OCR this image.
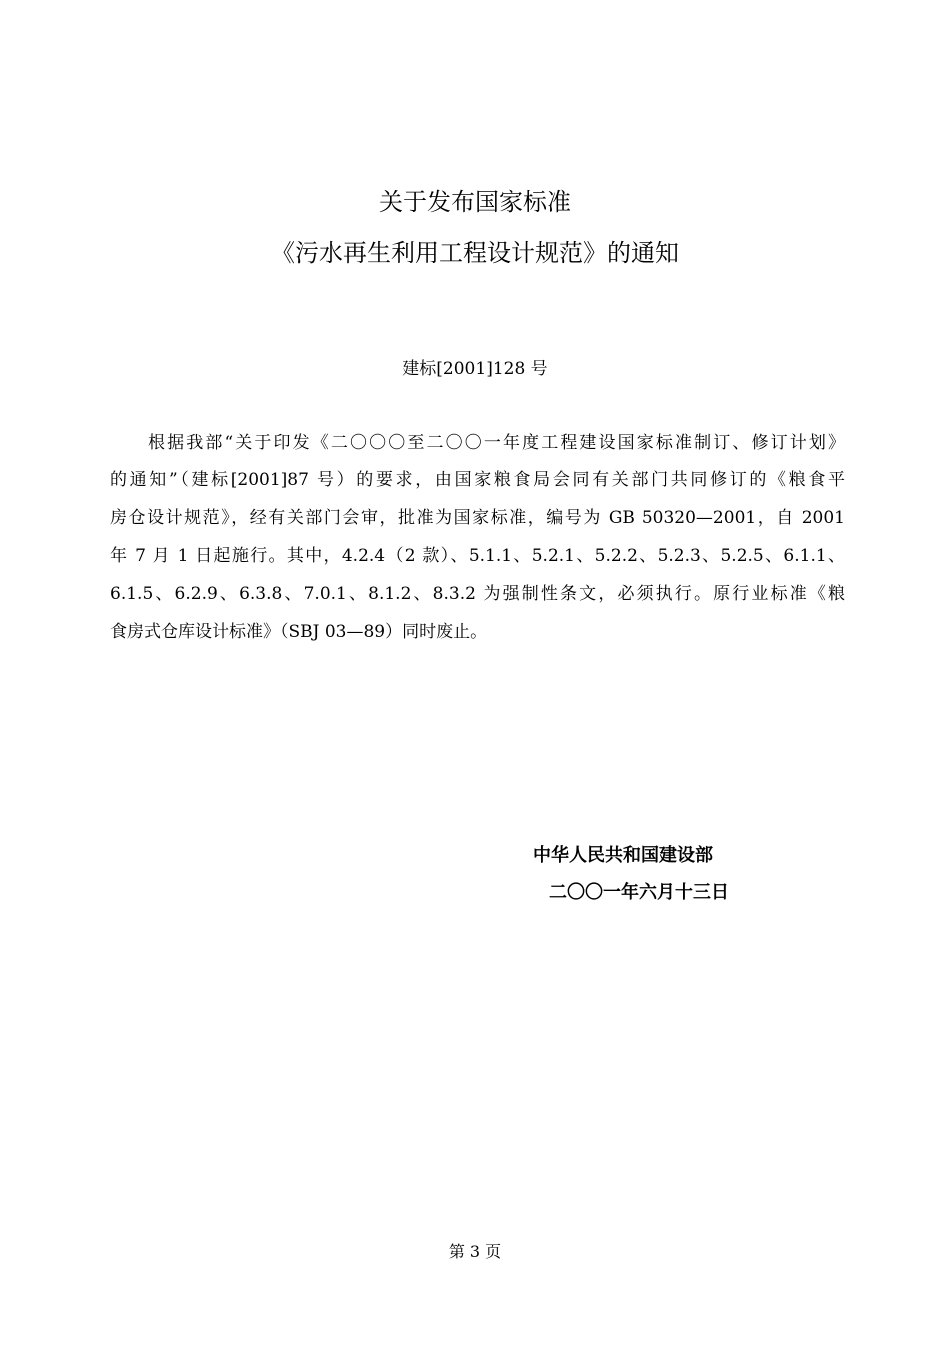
关于发布国家标准
《污水再生利用工程设计规范》的通知
建标[2001]128 号
根据我部“关于印发《二〇〇〇至二〇〇一年度工程建设国家标准制订、修订计划》
的通知”（建标[2001]87 号）的要求，由国家粮食局会同有关部门共同修订的《粮食平
房仓设计规范》，经有关部门会审，批准为国家标准，编号为 GB 50320—2001，自 2001
年 7 月 1 日起施行。其中，4.2.4（2 款）、5.1.1、5.2.1、5.2.2、5.2.3、5.2.5、6.1.1、
6.1.5、6.2.9、6.3.8、7.0.1、8.1.2、8.3.2 为强制性条文，必须执行。原行业标准《粮
食房式仓库设计标准》（SBJ 03—89）同时废止。
中华人民共和国建设部
二〇〇一年六月十三日
第 3 页
